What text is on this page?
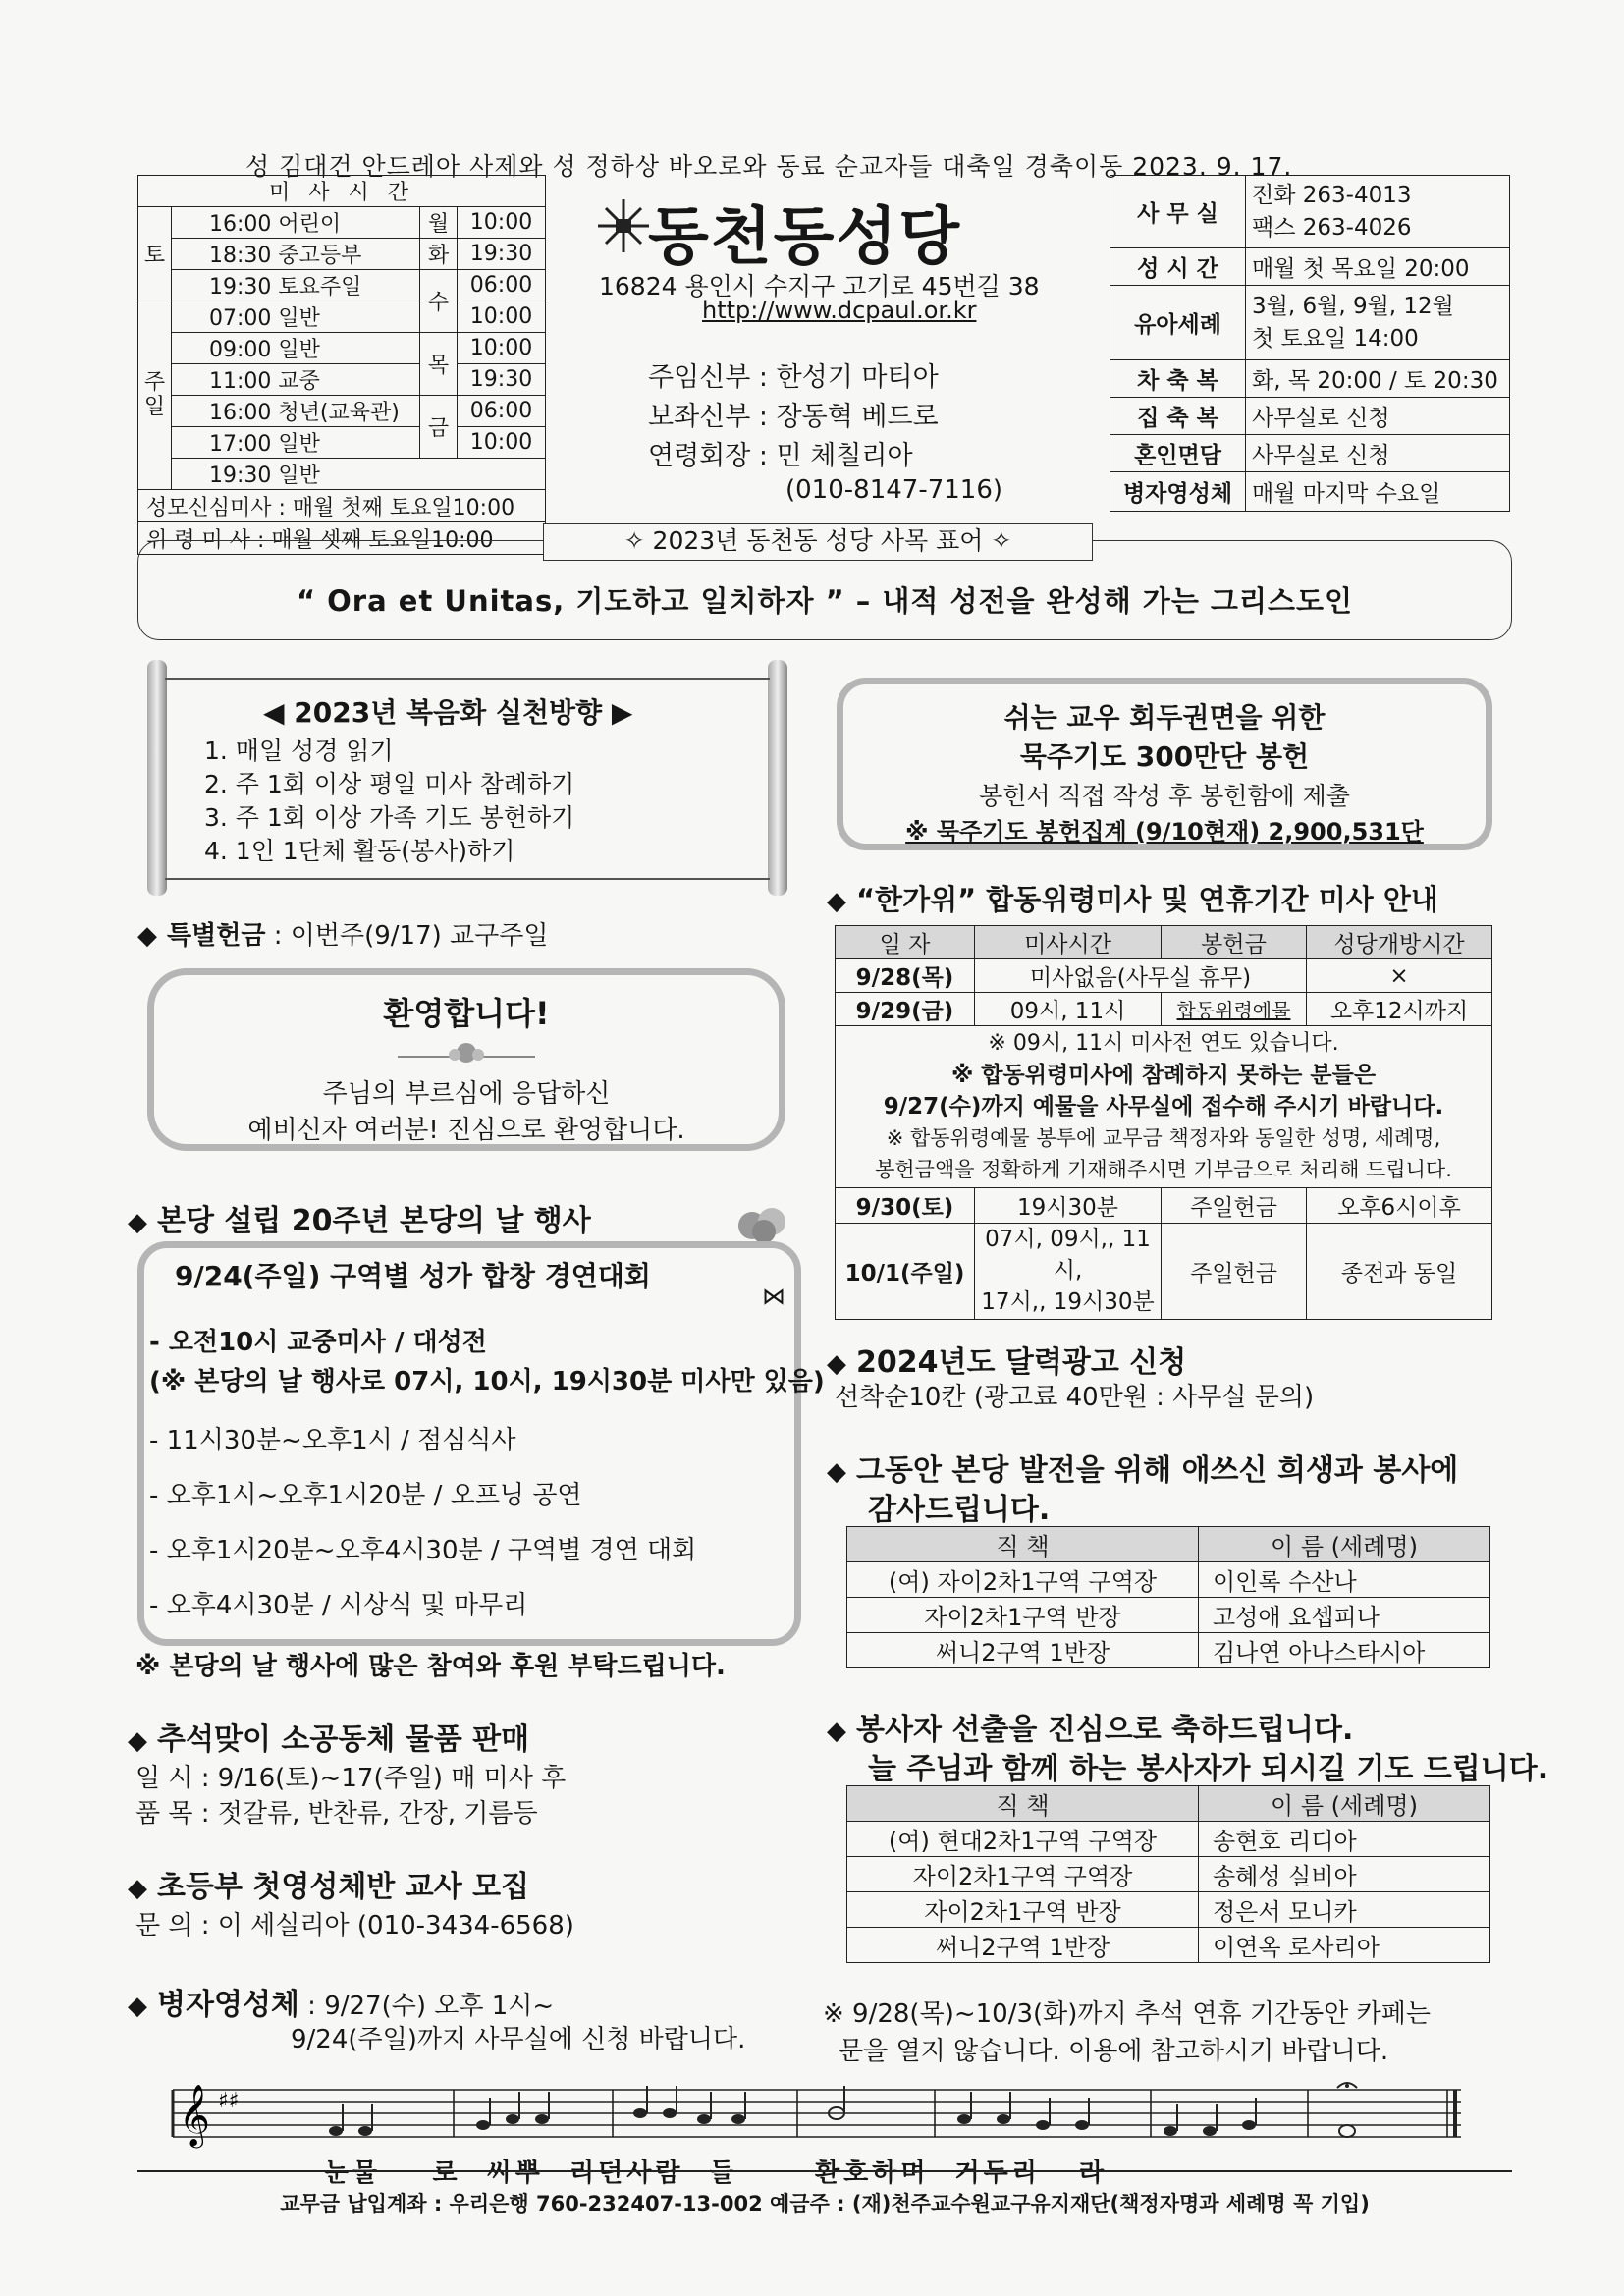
성 김대건 안드레아 사제와 성 정하상 바오로와 동료 순교자들 대축일 경축이동 2023. 9. 17.
미 사 시 간			
토	16:00 어린이	월	10:00
	18:30 중고등부	화	19:30
	19:30 토요주일	수	06:00
주일	07:00 일반		10:00
	09:00 일반	목	10:00
	11:00 교중		19:30
	16:00 청년(교육관)	금	06:00
	17:00 일반		10:00
	19:30 일반		
성모신심미사 : 매월 첫째 토요일10:00			
위 령 미 사 : 매월 셋째 토요일10:00			
동천동성당
16824 용인시 수지구 고기로 45번길 38
http://www.dcpaul.or.kr
주임신부 : 한성기 마티아
보좌신부 : 장동혁 베드로
연령회장 : 민 체칠리아
(010-8147-7116)
사 무 실	전화 263-4013
팩스 263-4026
성 시 간	매월 첫 목요일 20:00
유아세례	3월, 6월, 9월, 12월
첫 토요일 14:00
차 축 복	화, 목 20:00 / 토 20:30
집 축 복	사무실로 신청
혼인면담	사무실로 신청
병자영성체	매월 마지막 수요일
✧ 2023년 동천동 성당 사목 표어 ✧
“ Ora et Unitas, 기도하고 일치하자 ” – 내적 성전을 완성해 가는 그리스도인
◀ 2023년 복음화 실천방향 ▶
1. 매일 성경 읽기
2. 주 1회 이상 평일 미사 참례하기
3. 주 1회 이상 가족 기도 봉헌하기
4. 1인 1단체 활동(봉사)하기
쉬는 교우 회두권면을 위한
묵주기도 300만단 봉헌
봉헌서 직접 작성 후 봉헌함에 제출
※ 묵주기도 봉헌집계 (9/10현재) 2,900,531단
◆ 특별헌금 : 이번주(9/17) 교구주일
환영합니다!
주님의 부르심에 응답하신
예비신자 여러분! 진심으로 환영합니다.
◆ 본당 설립 20주년 본당의 날 행사
9/24(주일) 구역별 성가 합창 경연대회
⋈
- 오전10시 교중미사 / 대성전
(※ 본당의 날 행사로 07시, 10시, 19시30분 미사만 있음)
- 11시30분~오후1시 / 점심식사
- 오후1시~오후1시20분 / 오프닝 공연
- 오후1시20분~오후4시30분 / 구역별 경연 대회
- 오후4시30분 / 시상식 및 마무리
※ 본당의 날 행사에 많은 참여와 후원 부탁드립니다.
◆ 추석맞이 소공동체 물품 판매
일 시 : 9/16(토)~17(주일) 매 미사 후
품 목 : 젓갈류, 반찬류, 간장, 기름등
◆ 초등부 첫영성체반 교사 모집
문 의 : 이 세실리아 (010-3434-6568)
◆ 병자영성체 : 9/27(수) 오후 1시~
9/24(주일)까지 사무실에 신청 바랍니다.
◆ “한가위” 합동위령미사 및 연휴기간 미사 안내
일 자	미사시간	봉헌금	성당개방시간
9/28(목)	미사없음(사무실 휴무)		×
9/29(금)	09시, 11시	합동위령예물	오후12시까지

※ 09시, 11시 미사전 연도 있습니다.
※ 합동위령미사에 참례하지 못하는 분들은
9/27(수)까지 예물을 사무실에 접수해 주시기 바랍니다.
※ 합동위령예물 봉투에 교무금 책정자와 동일한 성명, 세례명,
봉헌금액을 정확하게 기재해주시면 기부금으로 처리해 드립니다.			

9/30(토)	19시30분	주일헌금	오후6시이후
10/1(주일)	07시, 09시,, 11시,
17시,, 19시30분	주일헌금	종전과 동일
◆ 2024년도 달력광고 신청
선착순10칸 (광고료 40만원 : 사무실 문의)
◆ 그동안 본당 발전을 위해 애쓰신 희생과 봉사에
감사드립니다.
직 책	이 름 (세례명)
(여) 자이2차1구역 구역장	이인록 수산나
자이2차1구역 반장	고성애 요셉피나
써니2구역 1반장	김나연 아나스타시아
◆ 봉사자 선출을 진심으로 축하드립니다.
늘 주님과 함께 하는 봉사자가 되시길 기도 드립니다.
직 책	이 름 (세례명)
(여) 현대2차1구역 구역장	송현호 리디아
자이2차1구역 구역장	송혜성 실비아
자이2차1구역 반장	정은서 모니카
써니2구역 1반장	이연옥 로사리아
※ 9/28(목)~10/3(화)까지 추석 연휴 기간동안 카페는
문을 열지 않습니다. 이용에 참고하시기 바랍니다.
𝄞 ♯♯
눈물    로  씨뿌  리던사람  들      환호하며  거두리   라
교무금 납입계좌 : 우리은행 760-232407-13-002 예금주 : (재)천주교수원교구유지재단(책정자명과 세례명 꼭 기입)
